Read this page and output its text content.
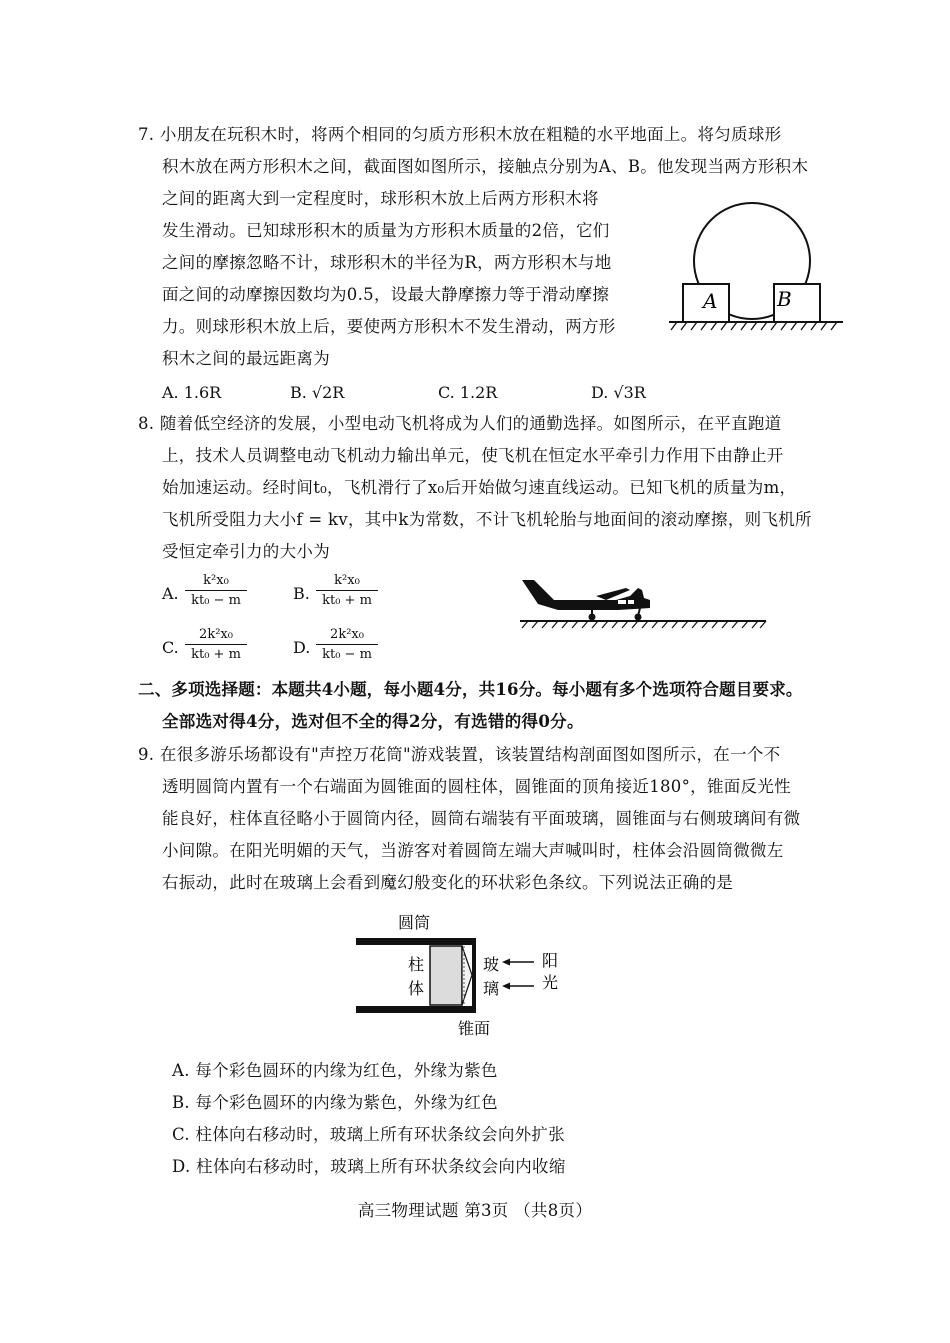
7. 小朋友在玩积木时，将两个相同的匀质方形积木放在粗糙的水平地面上。将匀质球形
积木放在两方形积木之间，截面图如图所示，接触点分别为A、B。他发现当两方形积木
之间的距离大到一定程度时，球形积木放上后两方形积木将
发生滑动。已知球形积木的质量为方形积木质量的2倍，它们
之间的摩擦忽略不计，球形积木的半径为R，两方形积木与地
面之间的动摩擦因数均为0.5，设最大静摩擦力等于滑动摩擦
力。则球形积木放上后，要使两方形积木不发生滑动，两方形
积木之间的最远距离为
A. 1.6R	B. √2R	C. 1.2R	D. √3R
A	B
8. 随着低空经济的发展，小型电动飞机将成为人们的通勤选择。如图所示，在平直跑道
上，技术人员调整电动飞机动力输出单元，使飞机在恒定水平牵引力作用下由静止开
始加速运动。经时间t₀，飞机滑行了x₀后开始做匀速直线运动。已知飞机的质量为m，
飞机所受阻力大小f = kv，其中k为常数，不计飞机轮胎与地面间的滚动摩擦，则飞机所
受恒定牵引力的大小为
A.
k²x₀
kt₀ − m	B.
k²x₀
kt₀ + m
C.
2k²x₀
kt₀ + m	D.
2k²x₀
kt₀ − m
二、多项选择题：本题共4小题，每小题4分，共16分。每小题有多个选项符合题目要求。
全部选对得4分，选对但不全的得2分，有选错的得0分。
9. 在很多游乐场都设有"声控万花筒"游戏装置，该装置结构剖面图如图所示，在一个不
透明圆筒内置有一个右端面为圆锥面的圆柱体，圆锥面的顶角接近180°，锥面反光性
能良好，柱体直径略小于圆筒内径，圆筒右端装有平面玻璃，圆锥面与右侧玻璃间有微
小间隙。在阳光明媚的天气，当游客对着圆筒左端大声喊叫时，柱体会沿圆筒微微左
右振动，此时在玻璃上会看到魔幻般变化的环状彩色条纹。下列说法正确的是
圆筒
柱
体
玻
璃
阳
光
锥面
A. 每个彩色圆环的内缘为红色，外缘为紫色
B. 每个彩色圆环的内缘为紫色，外缘为红色
C. 柱体向右移动时，玻璃上所有环状条纹会向外扩张
D. 柱体向右移动时，玻璃上所有环状条纹会向内收缩
高三物理试题 第3页 （共8页）
